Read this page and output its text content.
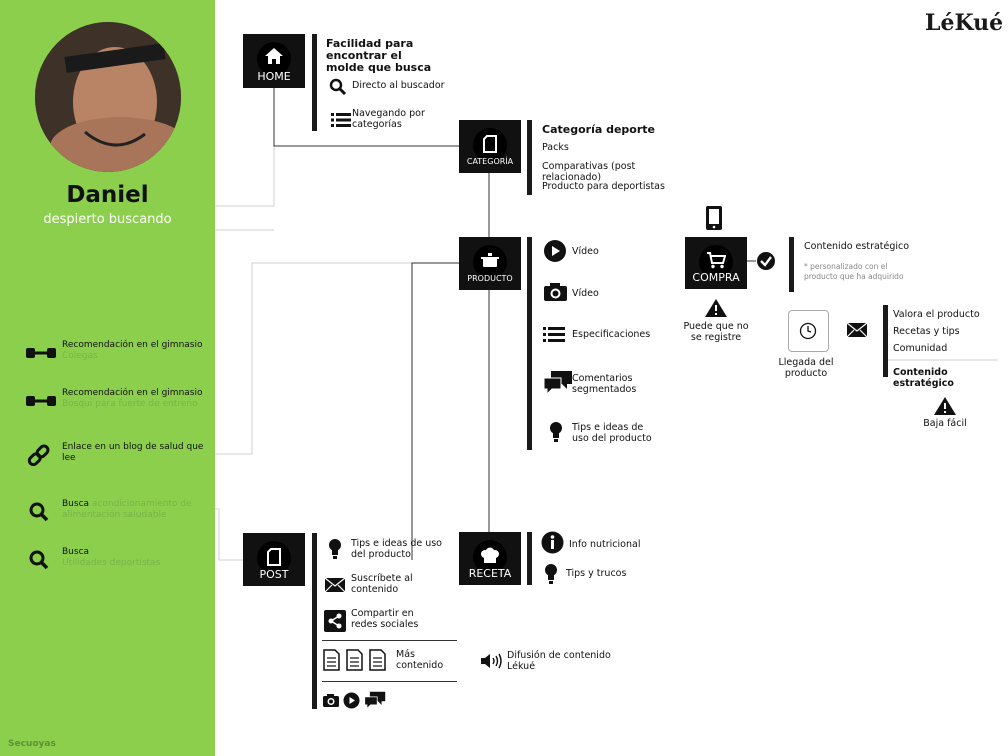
Daniel
despierto buscando
Recomendación en el gimnasio
Colegas
Recomendación en el gimnasio
Bosqui para fuerte de entreno
Enlace en un blog de salud que lee
Busca acondicionamiento de alimentación saludable
Busca
Utilidades deportistas
Secuoyas
LéKué
HOME
Facilidad para encontrar el molde que busca
Directo al buscador
Navegando por categorías
CATEGORÍA
Categoría deporte
Packs
Comparativas (post relacionado)
Producto para deportistas
PRODUCTO
Vídeo
Vídeo
Especificaciones
Comentarios segmentados
Tips e ideas de uso del producto
COMPRA
Puede que no se registre
Contenido estratégico
* personalizado con el producto que ha adquirido
Llegada del producto
Valora el producto
Recetas y tips
Comunidad
Contenido estratégico
Baja fácil
POST
Tips e ideas de uso del producto
Suscríbete al contenido
Compartir en redes sociales
Más contenido
Difusión de contenido Lékué
RECETA
Info nutricional
Tips y trucos
